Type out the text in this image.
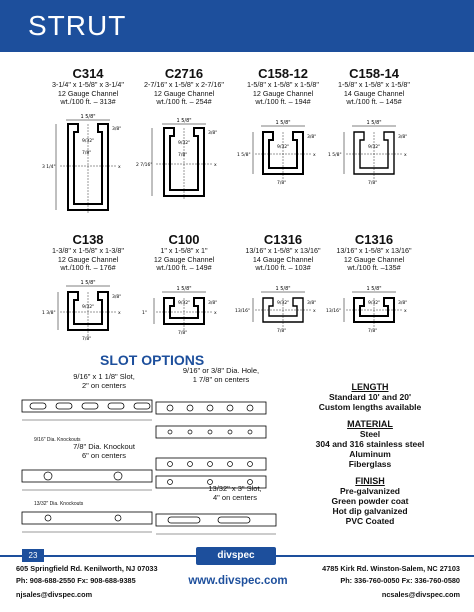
STRUT
C314
3-1/4" x 1-5/8" x 3-1/4"
12 Gauge Channel
wt./100 ft. – 313#
1 5/8"
9/32"
3/8"
7/8"
3 1/4"	x
C2716
2-7/16" x 1-5/8" x 2-7/16"
12 Gauge Channel
wt./100 ft. – 254#
1 5/8"
9/32"
3/8"
7/8"
2 7/16"	x
C158-12
1-5/8" x 1-5/8" x 1-5/8"
12 Gauge Channel
wt./100 ft. – 194#
1 5/8"
9/32"
3/8"
7/8"
1 5/8"	x
C158-14
1-5/8" x 1-5/8" x 1-5/8"
14 Gauge Channel
wt./100 ft. – 145#
1 5/8"
9/32"
3/8"
7/8"
1 5/8"	x
C138
1-3/8" x 1-5/8" x 1-3/8"
12 Gauge Channel
wt./100 ft. – 176#
1 5/8"
9/32"
3/8"
7/8"
1 3/8"	x
C100
1" x 1-5/8" x 1"
12 Gauge Channel
wt./100 ft. – 149#
1 5/8"
9/32"	3/8"
7/8"
1"	x
C1316
13/16" x 1-5/8" x 13/16"
14 Gauge Channel
wt./100 ft. – 103#
1 5/8"
9/32"	3/8"
7/8"
13/16"	x
C1316
13/16" x 1-5/8" x 13/16"
12 Gauge Channel
wt./100 ft. –135#
1 5/8"
9/32"	3/8"
7/8"
13/16"	x
SLOT OPTIONS
9/16" x 1 1/8" Slot,
2" on centers
9/16" or 3/8" Dia. Hole,
1 7/8" on centers
9/16" Dia. Knockouts
7/8" Dia. Knockout
6" on centers
13/32" x 3" Slot,
4" on centers
13/32" Dia. Knockouts
LENGTH
Standard 10' and 20'
Custom lengths available
MATERIAL
Steel
304 and 316 stainless steel
Aluminum
Fiberglass
FINISH
Pre-galvanized
Green powder coat
Hot dip galvanized
PVC Coated
23	divspec
605 Springfield Rd. Kenilworth, NJ 07033
Ph: 908-688-2550 Fx: 908-688-9385
njsales@divspec.com
www.divspec.com
4785 Kirk Rd. Winston-Salem, NC 27103
Ph: 336-760-0050 Fx: 336-760-0580
ncsales@divspec.com
